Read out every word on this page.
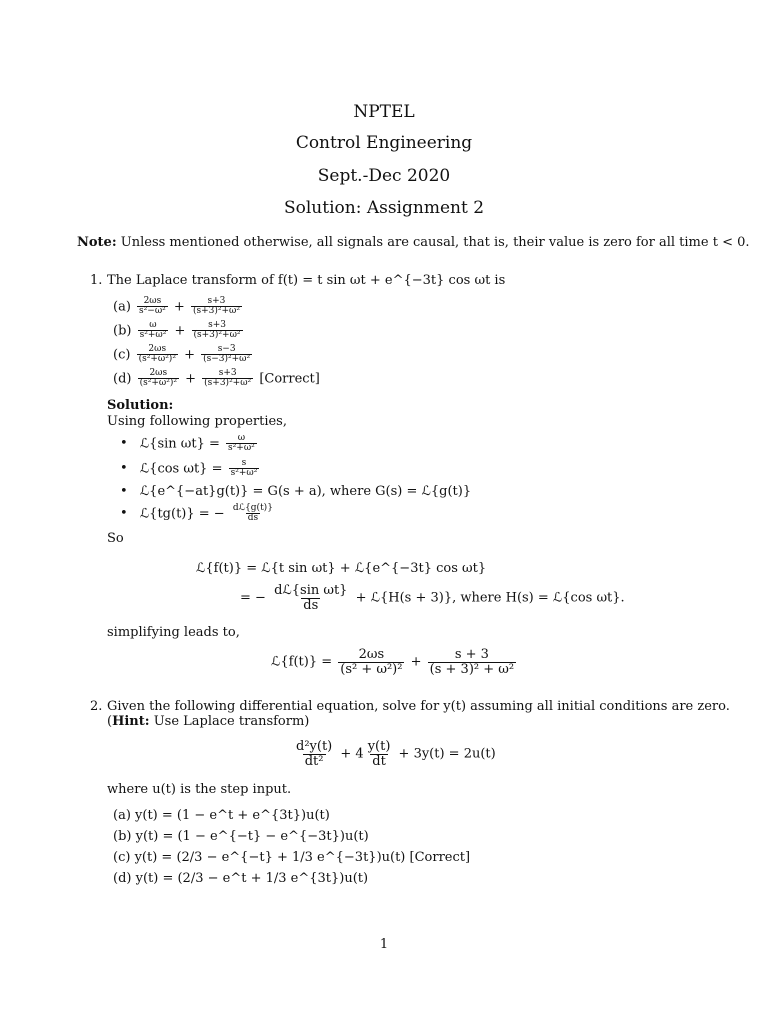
NPTEL
Control Engineering
Sept.-Dec 2020
Solution: Assignment 2
Note: Unless mentioned otherwise, all signals are causal, that is, their value is zero for all time t < 0.
1. The Laplace transform of f(t) = t sin ωt + e^{−3t} cos ωt is
$(a) \frac{2\omega s}{\text{s²−ω²}} + \frac{s+3}{\text{(s+3)²+ω²}}$
$(b) \frac{\omega}{\text{s²+ω²}} + \frac{s+3}{\text{(s+3)²+ω²}}$
$(c) \frac{2\omega s}{\text{(s²+ω²)²}} + \frac{s-3}{\text{(s−3)²+ω²}}$
$(d) \frac{2\omega s}{\text{(s²+ω²)²}} + \frac{s+3}{\text{(s+3)²+ω²}}$ [Correct]
Solution:
Using following properties,
• ℒ{sin $\omega t\} = \frac{\omega}{\text{s²+ω²}}$
• ℒ{cos $\omega t\} = \frac{s}{\text{s²+ω²}}$
• ℒ{e^{−at}g(t)} = G(s + a), where G(s) = ℒ{g(t)}
• ℒ{tg(t)} = − $\frac{\text{dℒ\{g(t)\}}}{ds}$
So
ℒ{f(t)} = ℒ{t sin ωt} + ℒ{e^{−3t} cos ωt}
= − $\frac{\text{dℒ\{sin ωt\}}}{ds}$ + ℒ{H(s + 3)}, where H(s) = ℒ{cos ωt}.
simplifying leads to,
ℒ{f(t)} = $\frac{2\omega s}{\text{(s² + ω²)²}} + \frac{s + 3}{\text{(s + 3)² + ω²}}$
2. Given the following differential equation, solve for y(t) assuming all initial conditions are zero.
(Hint: Use Laplace transform)
$\frac{\text{d²y(t)}}{\text{dt²}} + 4 \frac{y(t)}{dt} + 3y(t) = 2u(t)$
where u(t) is the step input.
(a) y(t) = (1 − e^t + e^{3t})u(t)
(b) y(t) = (1 − e^{−t} − e^{−3t})u(t)
(c) y(t) = (2/3 − e^{−t} + 1/3 e^{−3t})u(t) [Correct]
(d) y(t) = (2/3 − e^t + 1/3 e^{3t})u(t)
1
